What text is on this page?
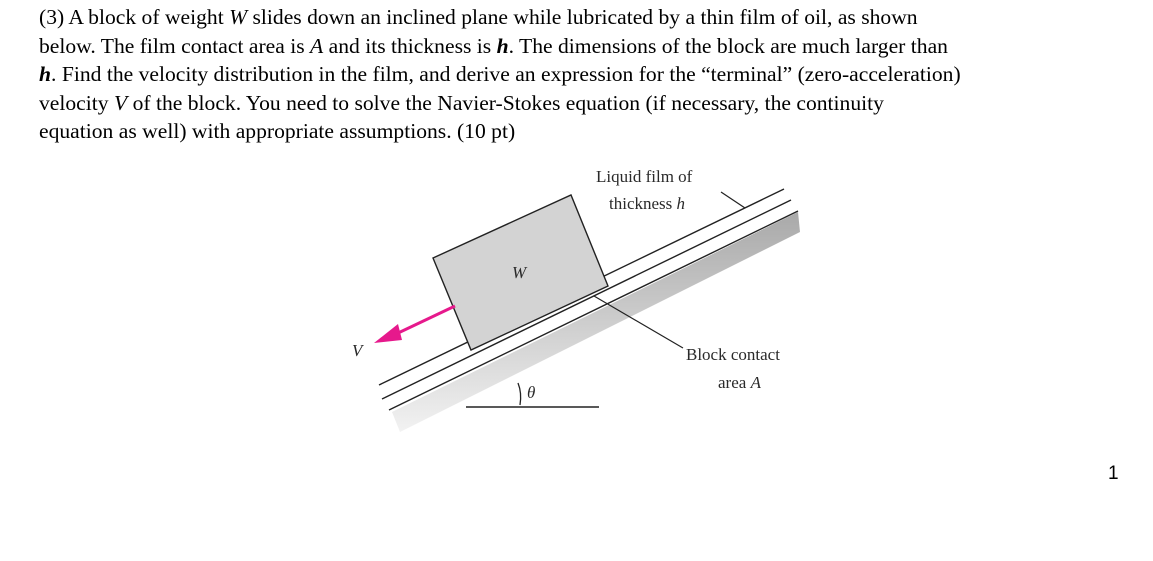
(3) A block of weight W slides down an inclined plane while lubricated by a thin film of oil, as shown
below. The film contact area is A and its thickness is h. The dimensions of the block are much larger than
h. Find the velocity distribution in the film, and derive an expression for the “terminal” (zero-acceleration)
velocity V of the block. You need to solve the Navier-Stokes equation (if necessary, the continuity
equation as well) with appropriate assumptions. (10 pt)
W
V
θ
Liquid film of
thickness h
Block contact
area A
1
